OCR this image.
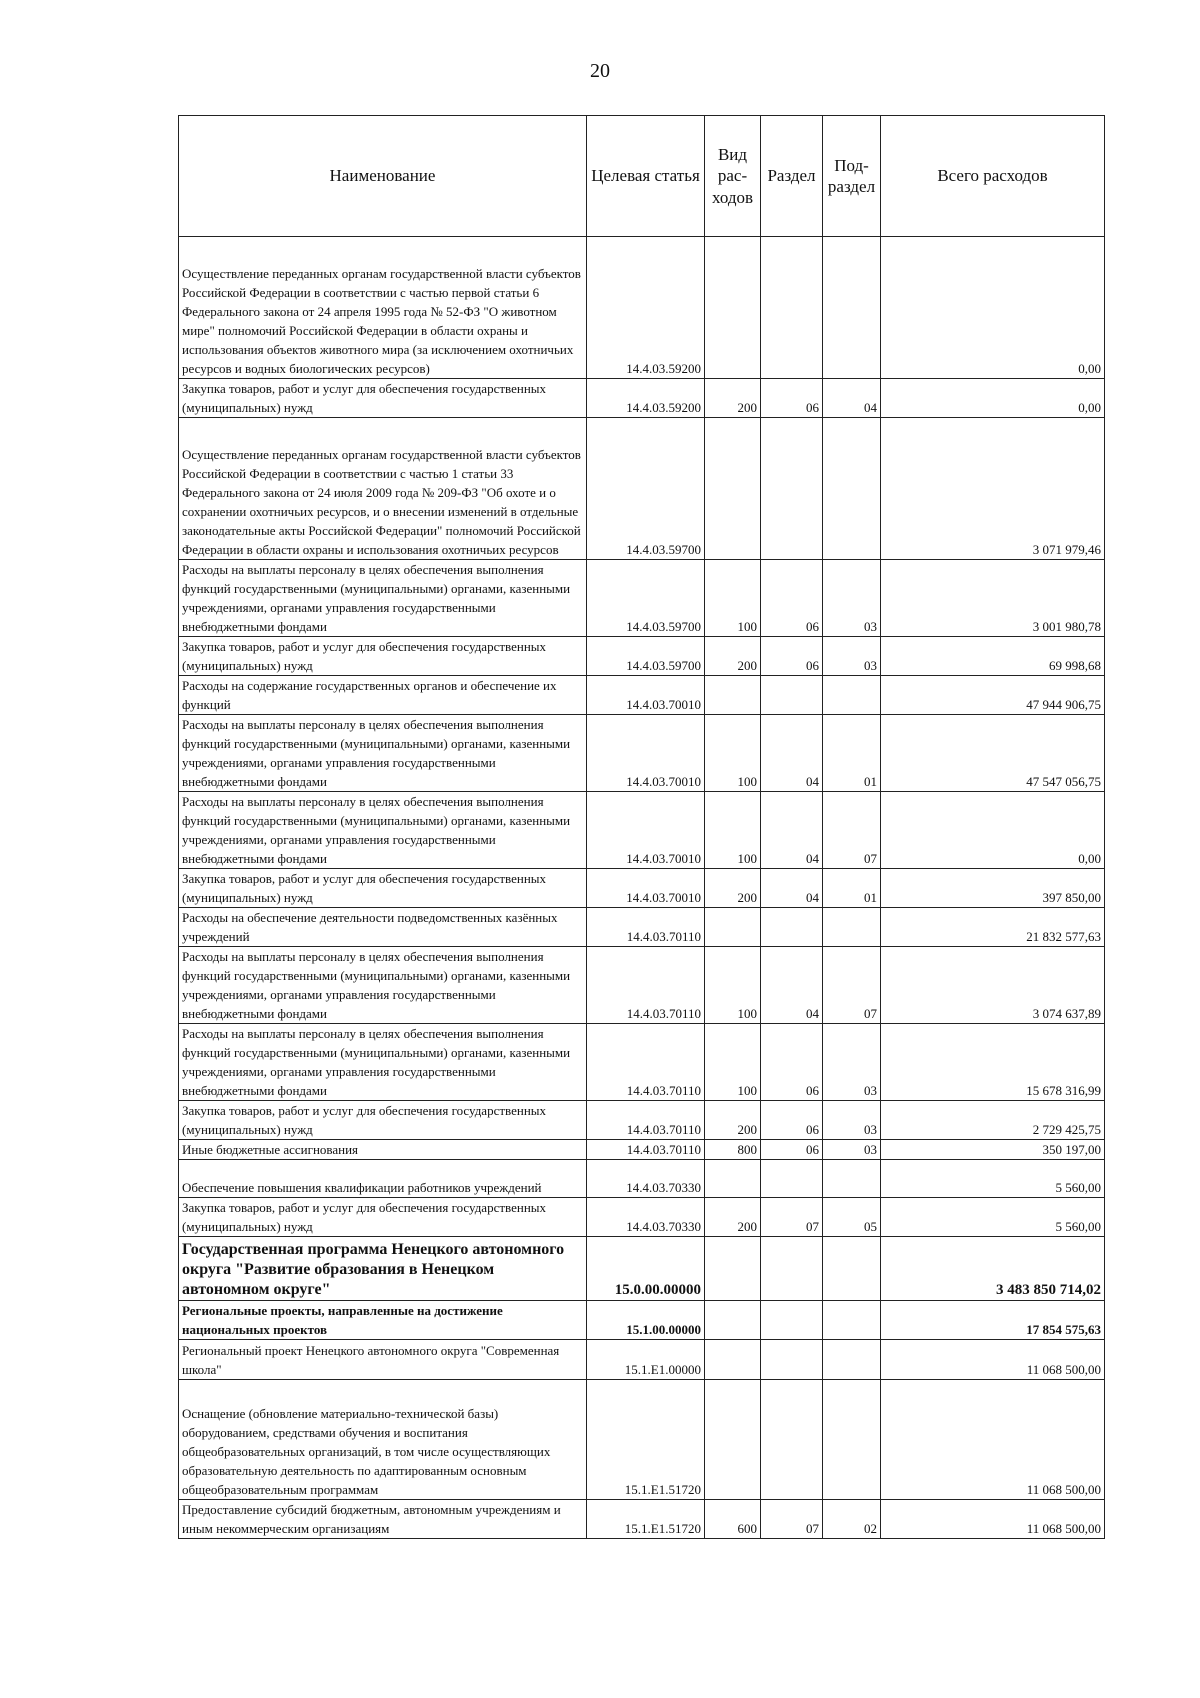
20
Наименование	Целевая статья	Вид рас-ходов	Раздел	Под-раздел	Всего расходов
Осуществление переданных органам государственной власти субъектов Российской Федерации в соответствии с частью первой статьи 6 Федерального закона от 24 апреля 1995 года № 52-ФЗ "О животном мире" полномочий Российской Федерации в области охраны и использования объектов животного мира (за исключением охотничьих ресурсов и водных биологических ресурсов)	14.4.03.59200				0,00
Закупка товаров, работ и услуг для обеспечения государственных (муниципальных) нужд	14.4.03.59200	200	06	04	0,00
Осуществление переданных органам государственной власти субъектов Российской Федерации в соответствии с частью 1 статьи 33 Федерального закона от 24 июля 2009 года № 209-ФЗ "Об охоте и о сохранении охотничьих ресурсов, и о внесении изменений в отдельные законодательные акты Российской Федерации" полномочий Российской Федерации в области охраны и использования охотничьих ресурсов	14.4.03.59700				3 071 979,46
Расходы на выплаты персоналу в целях обеспечения выполнения функций государственными (муниципальными) органами, казенными учреждениями, органами управления государственными внебюджетными фондами	14.4.03.59700	100	06	03	3 001 980,78
Закупка товаров, работ и услуг для обеспечения государственных (муниципальных) нужд	14.4.03.59700	200	06	03	69 998,68
Расходы на содержание государственных органов и обеспечение их функций	14.4.03.70010				47 944 906,75
Расходы на выплаты персоналу в целях обеспечения выполнения функций государственными (муниципальными) органами, казенными учреждениями, органами управления государственными внебюджетными фондами	14.4.03.70010	100	04	01	47 547 056,75
Расходы на выплаты персоналу в целях обеспечения выполнения функций государственными (муниципальными) органами, казенными учреждениями, органами управления государственными внебюджетными фондами	14.4.03.70010	100	04	07	0,00
Закупка товаров, работ и услуг для обеспечения государственных (муниципальных) нужд	14.4.03.70010	200	04	01	397 850,00
Расходы на обеспечение деятельности подведомственных казённых учреждений	14.4.03.70110				21 832 577,63
Расходы на выплаты персоналу в целях обеспечения выполнения функций государственными (муниципальными) органами, казенными учреждениями, органами управления государственными внебюджетными фондами	14.4.03.70110	100	04	07	3 074 637,89
Расходы на выплаты персоналу в целях обеспечения выполнения функций государственными (муниципальными) органами, казенными учреждениями, органами управления государственными внебюджетными фондами	14.4.03.70110	100	06	03	15 678 316,99
Закупка товаров, работ и услуг для обеспечения государственных (муниципальных) нужд	14.4.03.70110	200	06	03	2 729 425,75
Иные бюджетные ассигнования	14.4.03.70110	800	06	03	350 197,00
Обеспечение повышения квалификации работников учреждений	14.4.03.70330				5 560,00
Закупка товаров, работ и услуг для обеспечения государственных (муниципальных) нужд	14.4.03.70330	200	07	05	5 560,00
Государственная программа Ненецкого автономного округа "Развитие образования в Ненецком автономном округе"	15.0.00.00000				3 483 850 714,02
Региональные проекты, направленные на достижение национальных проектов	15.1.00.00000				17 854 575,63
Региональный проект Ненецкого автономного округа "Современная школа"	15.1.E1.00000				11 068 500,00
Оснащение (обновление материально-технической базы) оборудованием, средствами обучения и воспитания общеобразовательных организаций, в том числе осуществляющих образовательную деятельность по адаптированным основным общеобразовательным программам	15.1.E1.51720				11 068 500,00
Предоставление субсидий бюджетным, автономным учреждениям и иным некоммерческим организациям	15.1.E1.51720	600	07	02	11 068 500,00
